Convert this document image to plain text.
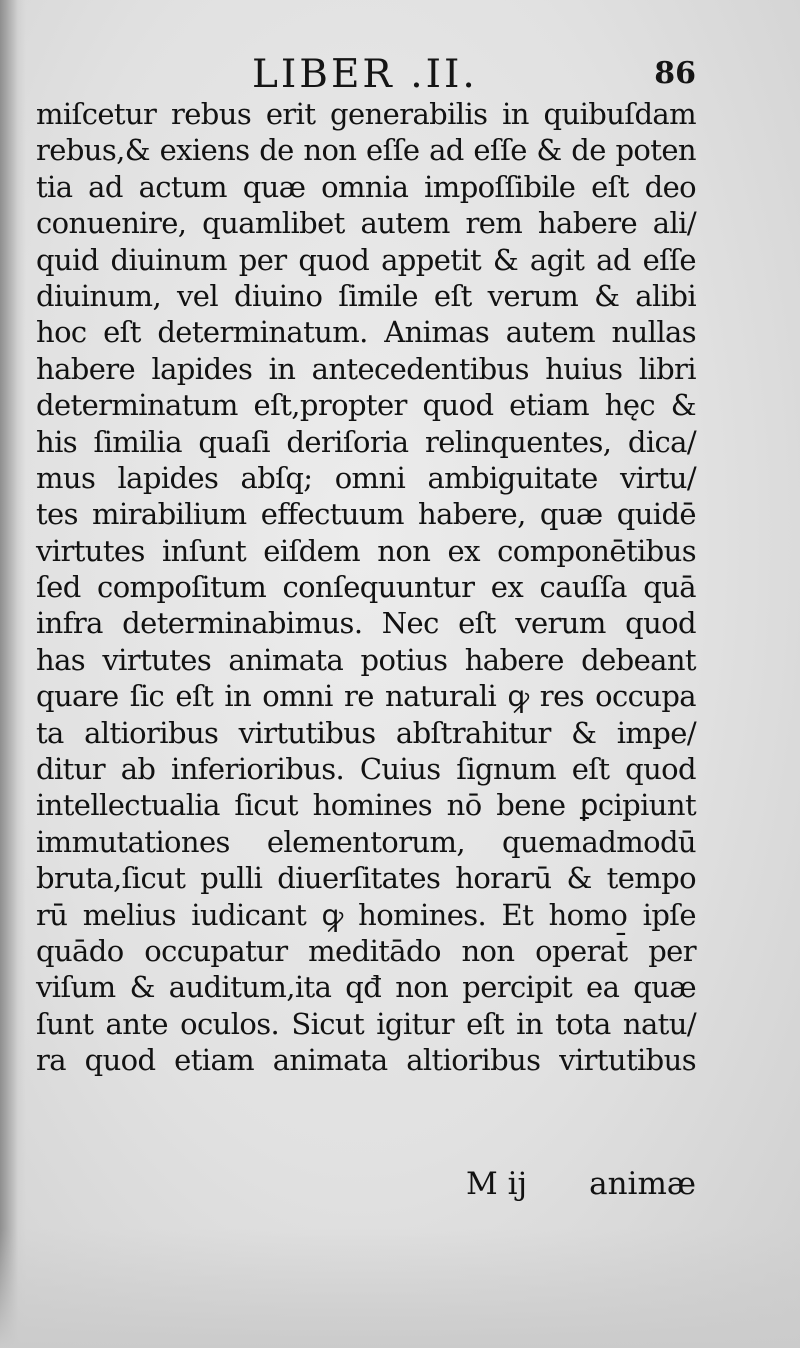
LIBER .II.	86
miſcetur rebus erit generabilis in quibuſdam
rebus,& exiens de non eſſe ad eſſe & de poten
tia ad actum quæ omnia impoſſibile eſt deo
conuenire, quamlibet autem rem habere ali/
quid diuinum per quod appetit & agit ad eſſe
diuinum, vel diuino ſimile eſt verum & alibi
hoc eſt determinatum. Animas autem nullas
habere lapides in antecedentibus huius libri
determinatum eſt,propter quod etiam hęc &
his ſimilia quaſi deriſoria relinquentes, dica/
mus lapides abſq; omni ambiguitate virtu/
tes mirabilium effectuum habere, quæ quidē
virtutes inſunt eiſdem non ex componētibus
ſed compoſitum conſequuntur ex cauſſa quā
infra determinabimus. Nec eſt verum quod
has virtutes animata potius habere debeant
quare ſic eſt in omni re naturali ꝙ res occupa
ta altioribus virtutibus abſtrahitur & impe/
ditur ab inferioribus. Cuius ſignum eſt quod
intellectualia ſicut homines nō bene ꝑcipiunt
immutationes elementorum, quemadmodū
bruta,ſicut pulli diuerſitates horarū & tempo
rū melius iudicant ꝙ homines. Et homo ipſe
quādo occupatur meditādo non operat̄ per
viſum & auditum,ita qđ non percipit ea quæ
ſunt ante oculos. Sicut igitur eſt in tota natu/
ra quod etiam animata altioribus virtutibus
M ij animæ
